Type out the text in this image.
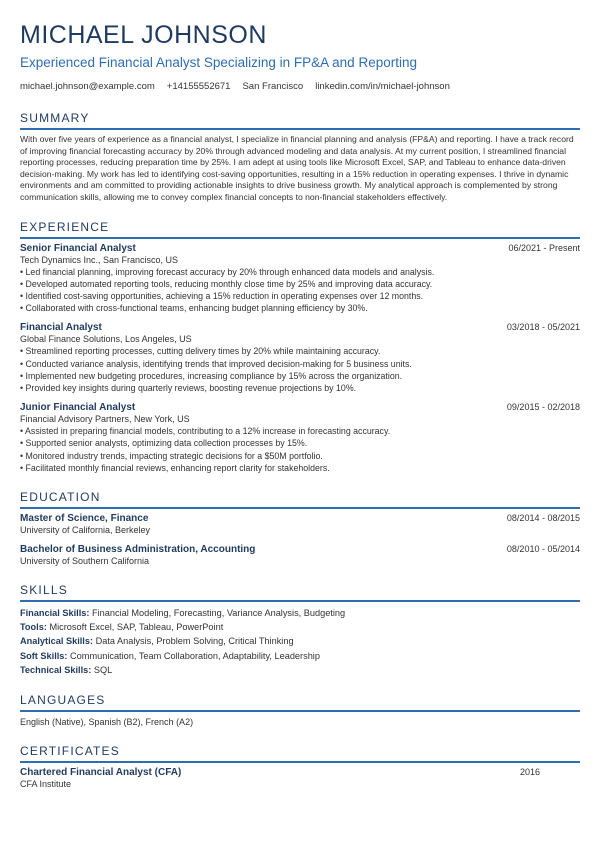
MICHAEL JOHNSON
Experienced Financial Analyst Specializing in FP&A and Reporting
michael.johnson@example.com +14155552671 San Francisco linkedin.com/in/michael-johnson
SUMMARY
With over five years of experience as a financial analyst, I specialize in financial planning and analysis (FP&A) and reporting. I have a track record of improving financial forecasting accuracy by 20% through advanced modeling and data analysis. At my current position, I streamlined financial reporting processes, reducing preparation time by 25%. I am adept at using tools like Microsoft Excel, SAP, and Tableau to enhance data-driven decision-making. My work has led to identifying cost-saving opportunities, resulting in a 15% reduction in operating expenses. I thrive in dynamic environments and am committed to providing actionable insights to drive business growth. My analytical approach is complemented by strong communication skills, allowing me to convey complex financial concepts to non-financial stakeholders effectively.
EXPERIENCE
Senior Financial Analyst	06/2021 - Present
Tech Dynamics Inc., San Francisco, US
• Led financial planning, improving forecast accuracy by 20% through enhanced data models and analysis.
• Developed automated reporting tools, reducing monthly close time by 25% and improving data accuracy.
• Identified cost-saving opportunities, achieving a 15% reduction in operating expenses over 12 months.
• Collaborated with cross-functional teams, enhancing budget planning efficiency by 30%.
Financial Analyst	03/2018 - 05/2021
Global Finance Solutions, Los Angeles, US
• Streamlined reporting processes, cutting delivery times by 20% while maintaining accuracy.
• Conducted variance analysis, identifying trends that improved decision-making for 5 business units.
• Implemented new budgeting procedures, increasing compliance by 15% across the organization.
• Provided key insights during quarterly reviews, boosting revenue projections by 10%.
Junior Financial Analyst	09/2015 - 02/2018
Financial Advisory Partners, New York, US
• Assisted in preparing financial models, contributing to a 12% increase in forecasting accuracy.
• Supported senior analysts, optimizing data collection processes by 15%.
• Monitored industry trends, impacting strategic decisions for a $50M portfolio.
• Facilitated monthly financial reviews, enhancing report clarity for stakeholders.
EDUCATION
Master of Science, Finance	08/2014 - 08/2015
University of California, Berkeley
Bachelor of Business Administration, Accounting	08/2010 - 05/2014
University of Southern California
SKILLS
Financial Skills: Financial Modeling, Forecasting, Variance Analysis, Budgeting
Tools: Microsoft Excel, SAP, Tableau, PowerPoint
Analytical Skills: Data Analysis, Problem Solving, Critical Thinking
Soft Skills: Communication, Team Collaboration, Adaptability, Leadership
Technical Skills: SQL
LANGUAGES
English (Native), Spanish (B2), French (A2)
CERTIFICATES
Chartered Financial Analyst (CFA)	2016
CFA Institute
